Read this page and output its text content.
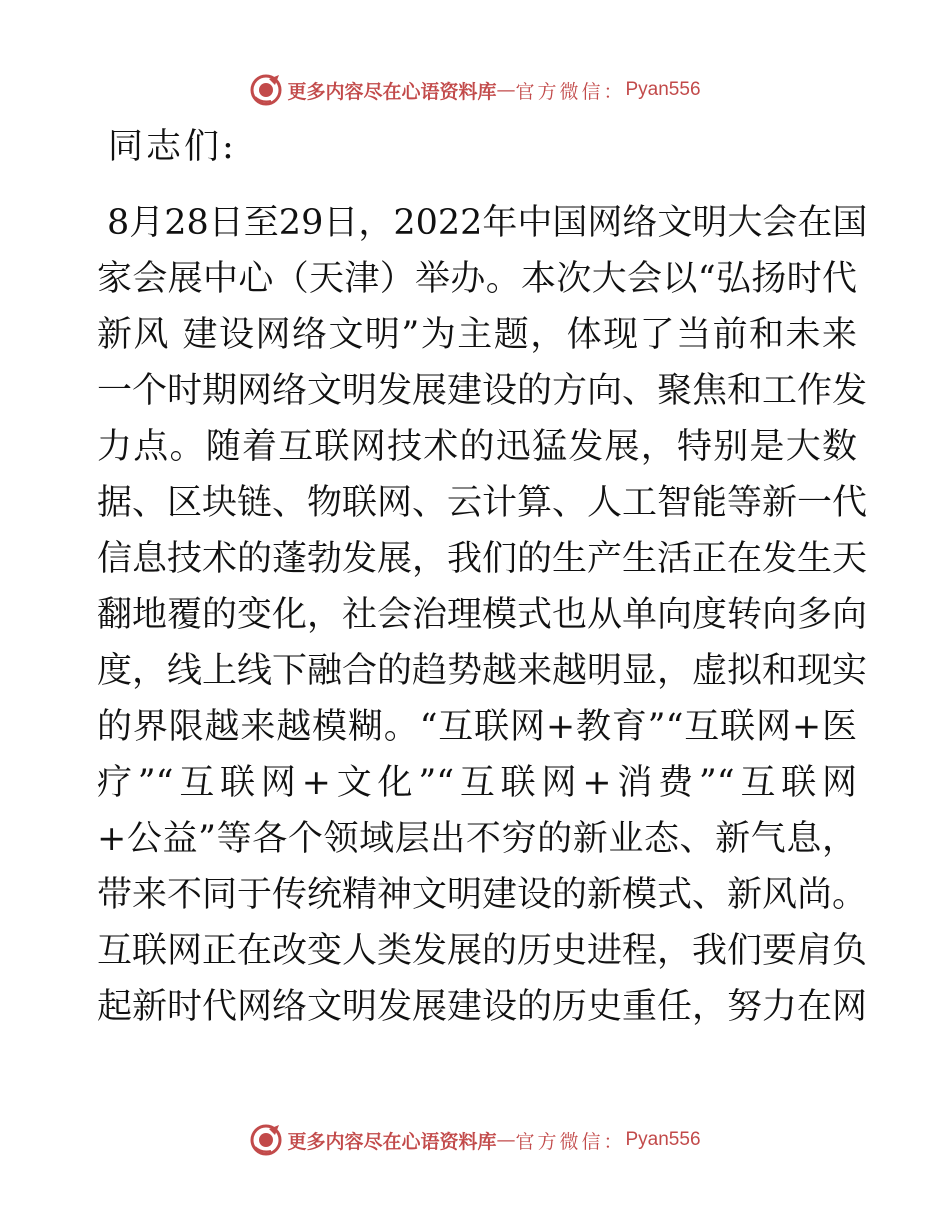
更多内容尽在心语资料库 — 官方微信： Pyan556
同志们:
8月28日至29日，2022年中国网络文明大会在国
家会展中心（天津）举办。本次大会以“弘扬时代
新风 建设网络文明”为主题，体现了当前和未来
一个时期网络文明发展建设的方向、聚焦和工作发
力点。随着互联网技术的迅猛发展，特别是大数
据、区块链、物联网、云计算、人工智能等新一代
信息技术的蓬勃发展，我们的生产生活正在发生天
翻地覆的变化，社会治理模式也从单向度转向多向
度，线上线下融合的趋势越来越明显，虚拟和现实
的界限越来越模糊。“互联网+教育”“互联网+医
疗”“互联网+文化”“互联网+消费”“互联网
+公益”等各个领域层出不穷的新业态、新气息，
带来不同于传统精神文明建设的新模式、新风尚。
互联网正在改变人类发展的历史进程，我们要肩负
起新时代网络文明发展建设的历史重任，努力在网
更多内容尽在心语资料库 — 官方微信： Pyan556
